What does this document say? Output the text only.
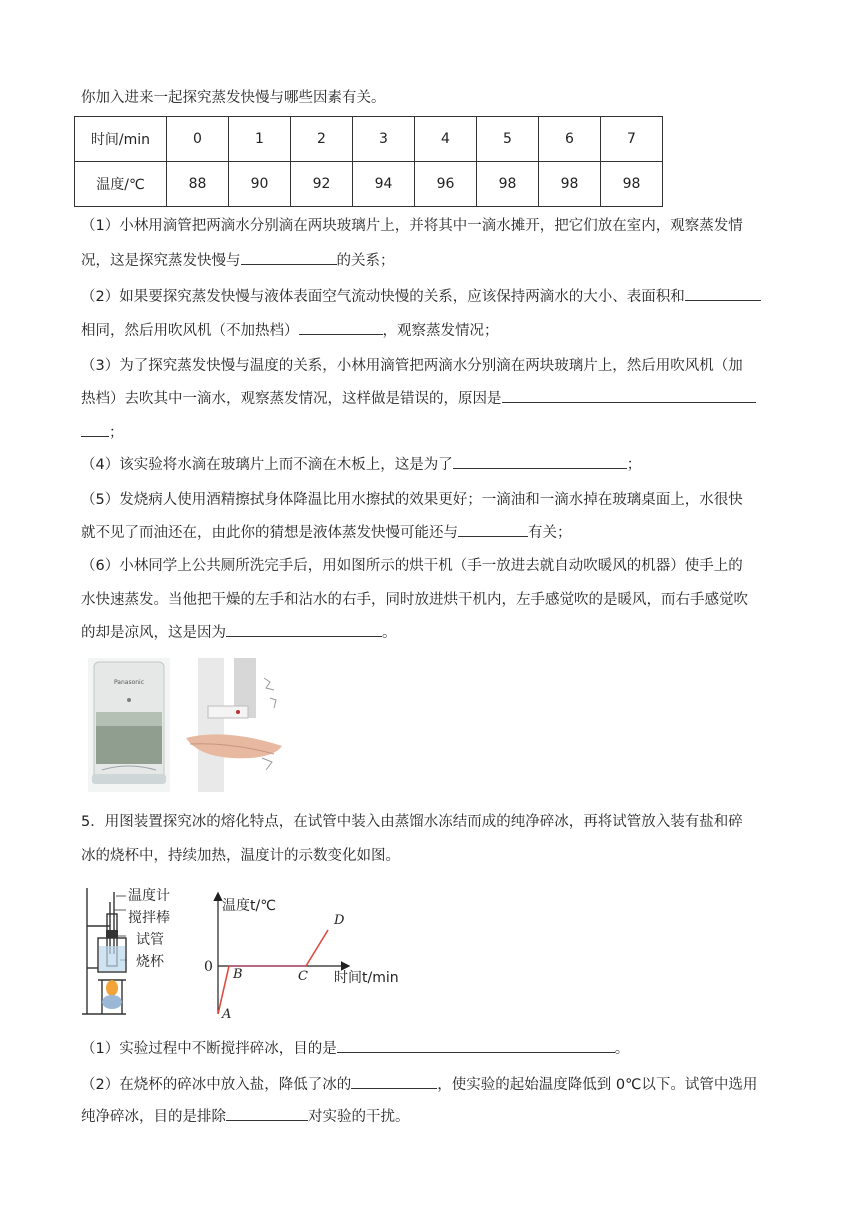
你加入进来一起探究蒸发快慢与哪些因素有关。
时间/min	0	1	2	3	4	5	6	7
温度/℃	88	90	92	94	96	98	98	98
（1）小林用滴管把两滴水分别滴在两块玻璃片上，并将其中一滴水摊开，把它们放在室内，观察蒸发情
况，这是探究蒸发快慢与	的关系；
（2）如果要探究蒸发快慢与液体表面空气流动快慢的关系，应该保持两滴水的大小、表面积和
相同，然后用吹风机（不加热档）	，观察蒸发情况；
（3）为了探究蒸发快慢与温度的关系，小林用滴管把两滴水分别滴在两块玻璃片上，然后用吹风机（加
热档）去吹其中一滴水，观察蒸发情况，这样做是错误的，原因是
；
（4）该实验将水滴在玻璃片上而不滴在木板上，这是为了	；
（5）发烧病人使用酒精擦拭身体降温比用水擦拭的效果更好；一滴油和一滴水掉在玻璃桌面上，水很快
就不见了而油还在，由此你的猜想是液体蒸发快慢可能还与	有关；
（6）小林同学上公共厕所洗完手后，用如图所示的烘干机（手一放进去就自动吹暖风的机器）使手上的
水快速蒸发。当他把干燥的左手和沾水的右手，同时放进烘干机内，左手感觉吹的是暖风，而右手感觉吹
的却是凉风，这是因为	。
Panasonic
5．用图装置探究冰的熔化特点，在试管中装入由蒸馏水冻结而成的纯净碎冰，再将试管放入装有盐和碎
冰的烧杯中，持续加热，温度计的示数变化如图。
温度计
搅拌棒
试管
烧杯
温度t/℃
时间t/min
0
A
B	C
D
（1）实验过程中不断搅拌碎冰，目的是	。
（2）在烧杯的碎冰中放入盐，降低了冰的	，使实验的起始温度降低到 0℃以下。试管中选用
纯净碎冰，目的是排除	对实验的干扰。
